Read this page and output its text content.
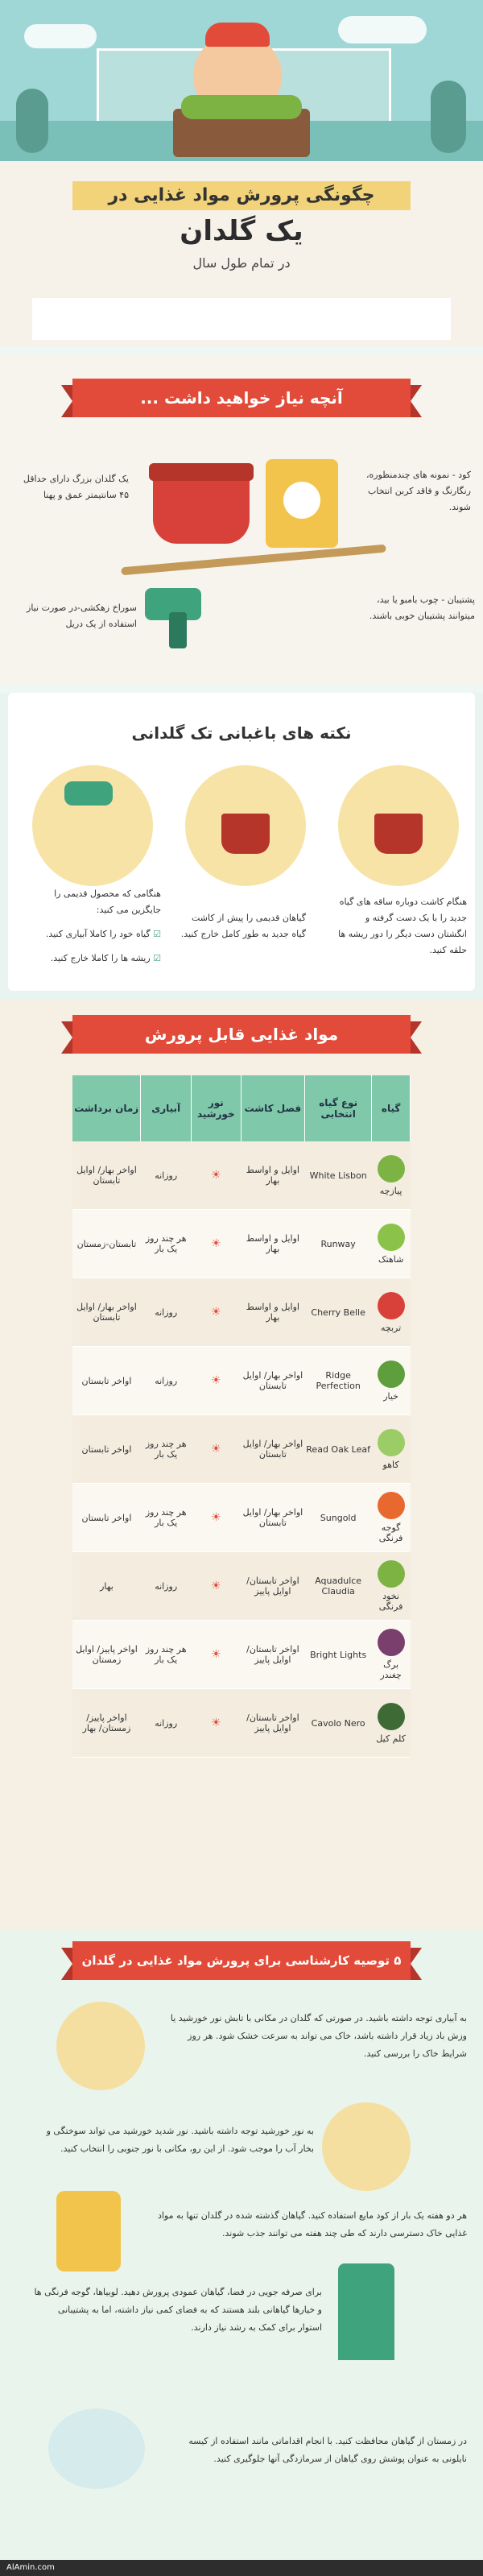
چگونگی پرورش مواد غذایی در
یک گلدان
در تمام طول سال
آنچه نیاز خواهید داشت ...
یک گلدان بزرگ دارای حداقل ۴۵ سانتیمتر عمق و پهنا
کود - نمونه های چندمنظوره، رنگارنگ و فاقد کربن انتخاب شوند.
سوراخ زهکشی-در صورت نیاز استفاده از یک دریل
پشتیبان - چوب بامبو یا بید، میتوانند پشتیبان خوبی باشند.
نکته های باغبانی تک گلدانی
هنگام کاشت دوباره ساقه های گیاه جدید را با یک دست گرفته و انگشتان دست دیگر را دور ریشه ها حلقه کنید.
گیاهان قدیمی را پیش از کاشت گیاه جدید به طور کامل خارج کنید.
هنگامی که محصول قدیمی را جایگزین می کنید:
☑ گیاه خود را کاملا آبیاری کنید.
☑ ریشه ها را کاملا خارج کنید.
مواد غذایی قابل پرورش
گیاه	نوع گیاه انتخابی	فصل کاشت	نور خورشید	آبیاری	زمان برداشت

پیازچه	White Lisbon	اوایل و اواسط بهار	☀	روزانه	اواخر بهار/ اوایل تابستان

شاهتک	Runway	اوایل و اواسط بهار	☀	هر چند روز یک بار	تابستان-زمستان

تربچه	Cherry Belle	اوایل و اواسط بهار	☀	روزانه	اواخر بهار/ اوایل تابستان

خیار	Ridge Perfection	اواخر بهار/ اوایل تابستان	☀	روزانه	اواخر تابستان

کاهو	Read Oak Leaf	اواخر بهار/ اوایل تابستان	☀	هر چند روز یک بار	اواخر تابستان

گوجه فرنگی	Sungold	اواخر بهار/ اوایل تابستان	☀	هر چند روز یک بار	اواخر تابستان

نخود فرنگی	Aquadulce Claudia	اواخر تابستان/ اوایل پاییز	☀	روزانه	بهار

برگ چغندر	Bright Lights	اواخر تابستان/ اوایل پاییز	☀	هر چند روز یک بار	اواخر پاییز/ اوایل زمستان

کلم کیل	Cavolo Nero	اواخر تابستان/ اوایل پاییز	☀	روزانه	اواخر پاییز/ زمستان/ بهار
۵ توصیه کارشناسی برای پرورش مواد غذایی در گلدان
به آبیاری توجه داشته باشید. در صورتی که گلدان در مکانی با تابش نور خورشید یا وزش باد زیاد قرار داشته باشد، خاک می تواند به سرعت خشک شود. هر روز شرایط خاک را بررسی کنید.
به نور خورشید توجه داشته باشید. نور شدید خورشید می تواند سوختگی و بخار آب را موجب شود. از این رو، مکانی با نور جنوبی را انتخاب کنید.
هر دو هفته یک بار از کود مایع استفاده کنید. گیاهان گذشته شده در گلدان تنها به مواد غذایی خاک دسترسی دارند که طی چند هفته می توانند جذب شوند.
برای صرفه جویی در فضا، گیاهان عمودی پرورش دهید. لوبیاها، گوجه فرنگی ها و خیارها گیاهانی بلند هستند که به فضای کمی نیاز داشته، اما به پشتیبانی استوار برای کمک به رشد نیاز دارند.
در زمستان از گیاهان محافظت کنید. با انجام اقداماتی مانند استفاده از کیسه نایلونی به عنوان پوشش روی گیاهان از سرمازدگی آنها جلوگیری کنید.
AlAmin.com
